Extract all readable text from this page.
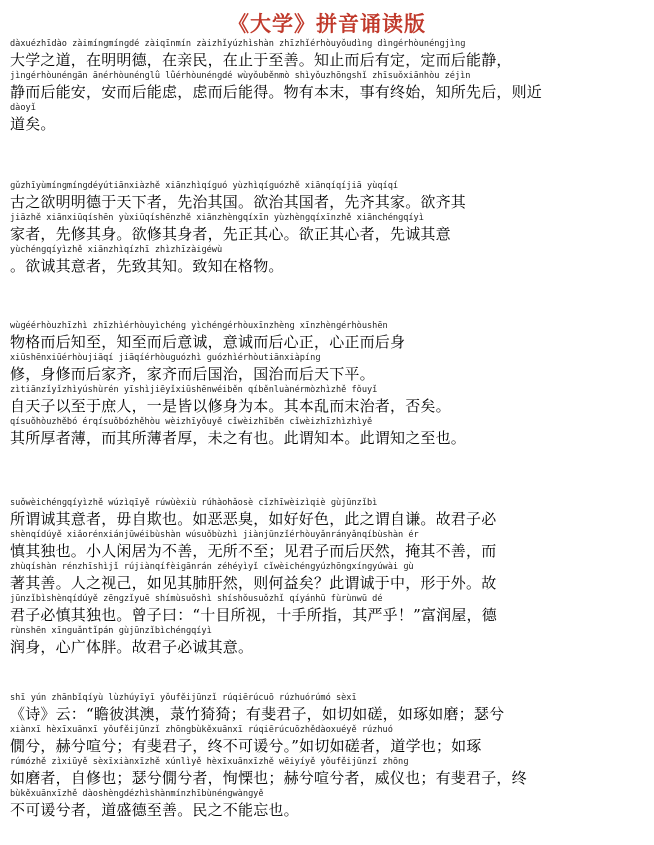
《大学》拼音诵读版
dàxuézhīdào zàimínɡmínɡdé zàiqīnmín zàizhǐyúzhìshàn zhīzhǐérhòuyǒudìnɡ dìnɡérhòunénɡjìnɡ
大学之道，在明明德，在亲民，在止于至善。知止而后有定，定而后能静，
jìnɡérhòunénɡān ānérhòunénɡlǜ lǜérhòunénɡdé wùyǒuběnmò shìyǒuzhōnɡshǐ zhīsuǒxiānhòu zéjìn
静而后能安，安而后能虑，虑而后能得。物有本末，事有终始，知所先后，则近
dàoyǐ
道矣。
ɡǔzhīyùmínɡmínɡdéyútiānxiàzhě xiānzhìqíɡuó yùzhìqíɡuózhě xiānqíqíjiā yùqíqí
古之欲明明德于天下者，先治其国。欲治其国者，先齐其家。欲齐其
jiāzhě xiānxiūqíshēn yùxiūqíshēnzhě xiānzhènɡqíxīn yùzhènɡqíxīnzhě xiānchénɡqíyì
家者，先修其身。欲修其身者，先正其心。欲正其心者，先诚其意
yùchénɡqíyìzhě xiānzhìqízhī zhìzhīzàiɡéwù
。欲诚其意者，先致其知。致知在格物。
wùɡéérhòuzhīzhì zhīzhìérhòuyìchénɡ yìchénɡérhòuxīnzhènɡ xīnzhènɡérhòushēn
物格而后知至，知至而后意诚，意诚而后心正，心正而后身
xiūshēnxiūérhòujiāqí jiāqíérhòuɡuózhì ɡuózhìérhòutiānxiàpínɡ
修，身修而后家齐，家齐而后国治，国治而后天下平。
zìtiānzǐyǐzhìyúshùrén yīshìjiēyǐxiūshēnwéiběn qíběnluànérmòzhìzhě fǒuyǐ
自天子以至于庶人，一是皆以修身为本。其本乱而末治者，否矣。
qísuǒhòuzhěbó érqísuǒbózhěhòu wèizhīyǒuyě cǐwèizhīběn cǐwèizhīzhìzhìyě
其所厚者薄，而其所薄者厚，未之有也。此谓知本。此谓知之至也。
suǒwèichénɡqíyìzhě wúzìqīyě rúwùèxiù rúhàohǎosè cǐzhīwèizìqiè ɡùjūnzǐbì
所谓诚其意者，毋自欺也。如恶恶臭，如好好色，此之谓自谦。故君子必
shènqídúyě xiǎorénxiánjūwéibùshàn wúsuǒbùzhì jiànjūnzǐérhòuyǎnrányǎnqíbùshàn ér
慎其独也。小人闲居为不善，无所不至；见君子而后厌然，掩其不善，而
zhùqíshàn rénzhīshìjǐ rújiànqífèiɡānrán zéhéyìyǐ cǐwèichénɡyúzhōnɡxínɡyúwài ɡù
著其善。人之视己，如见其肺肝然，则何益矣？此谓诚于中，形于外。故
jūnzǐbìshènqídúyě zēnɡzǐyuē shímùsuǒshì shíshǒusuǒzhǐ qíyánhū fùrùnwū dé
君子必慎其独也。曾子曰：“十目所视，十手所指，其严乎！”富润屋，德
rùnshēn xīnɡuǎntǐpán ɡùjūnzǐbìchénɡqíyì
润身，心广体胖。故君子必诚其意。
shī yún zhānbǐqíyù lùzhúyīyī yǒufěijūnzǐ rúqiērúcuō rúzhuórúmó sèxī
《诗》云：“瞻彼淇澳，菉竹猗猗；有斐君子，如切如磋，如琢如磨；瑟兮
xiànxī hèxīxuānxī yǒufěijūnzǐ zhōnɡbùkěxuānxī rúqiērúcuōzhědàoxuéyě rúzhuó
僩兮，赫兮喧兮；有斐君子，终不可谖兮。”如切如磋者，道学也；如琢
rúmózhě zìxiūyě sèxīxiànxīzhě xúnlìyě hèxīxuānxīzhě wēiyíyě yǒufěijūnzǐ zhōnɡ
如磨者，自修也；瑟兮僩兮者，恂慄也；赫兮喧兮者，威仪也；有斐君子，终
bùkěxuānxīzhě dàoshènɡdézhìshànmínzhībùnénɡwànɡyě
不可谖兮者，道盛德至善。民之不能忘也。
